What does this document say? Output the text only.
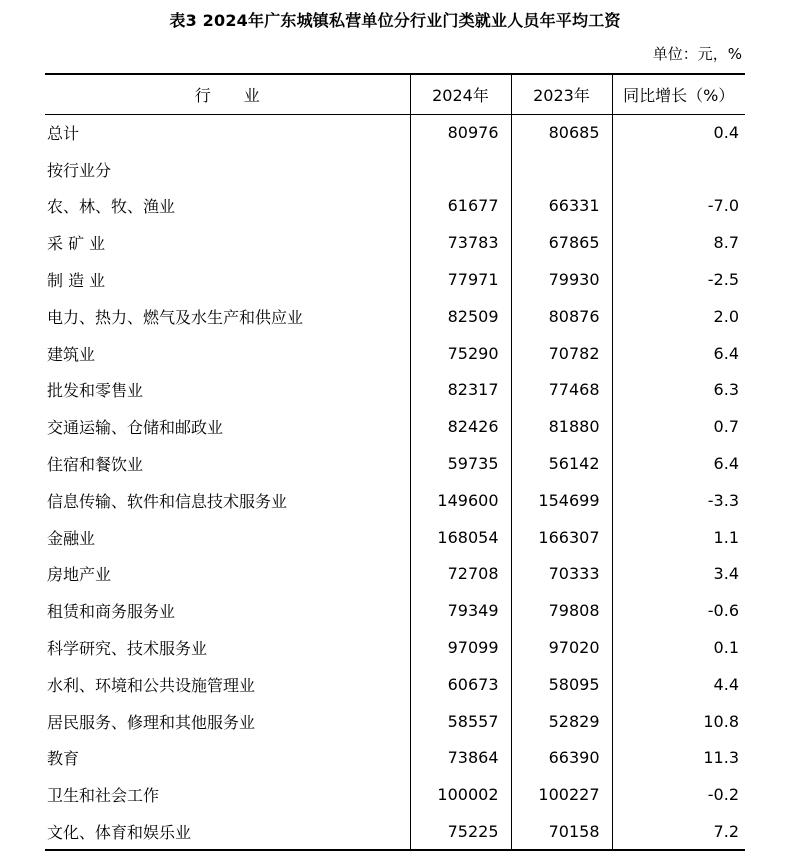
表3 2024年广东城镇私营单位分行业门类就业人员年平均工资
单位：元，%
行 业	2024年	2023年	同比增长（%）
总计	80976	80685	0.4
按行业分			
农、林、牧、渔业	61677	66331	-7.0
采 矿 业	73783	67865	8.7
制 造 业	77971	79930	-2.5
电力、热力、燃气及水生产和供应业	82509	80876	2.0
建筑业	75290	70782	6.4
批发和零售业	82317	77468	6.3
交通运输、仓储和邮政业	82426	81880	0.7
住宿和餐饮业	59735	56142	6.4
信息传输、软件和信息技术服务业	149600	154699	-3.3
金融业	168054	166307	1.1
房地产业	72708	70333	3.4
租赁和商务服务业	79349	79808	-0.6
科学研究、技术服务业	97099	97020	0.1
水利、环境和公共设施管理业	60673	58095	4.4
居民服务、修理和其他服务业	58557	52829	10.8
教育	73864	66390	11.3
卫生和社会工作	100002	100227	-0.2
文化、体育和娱乐业	75225	70158	7.2
